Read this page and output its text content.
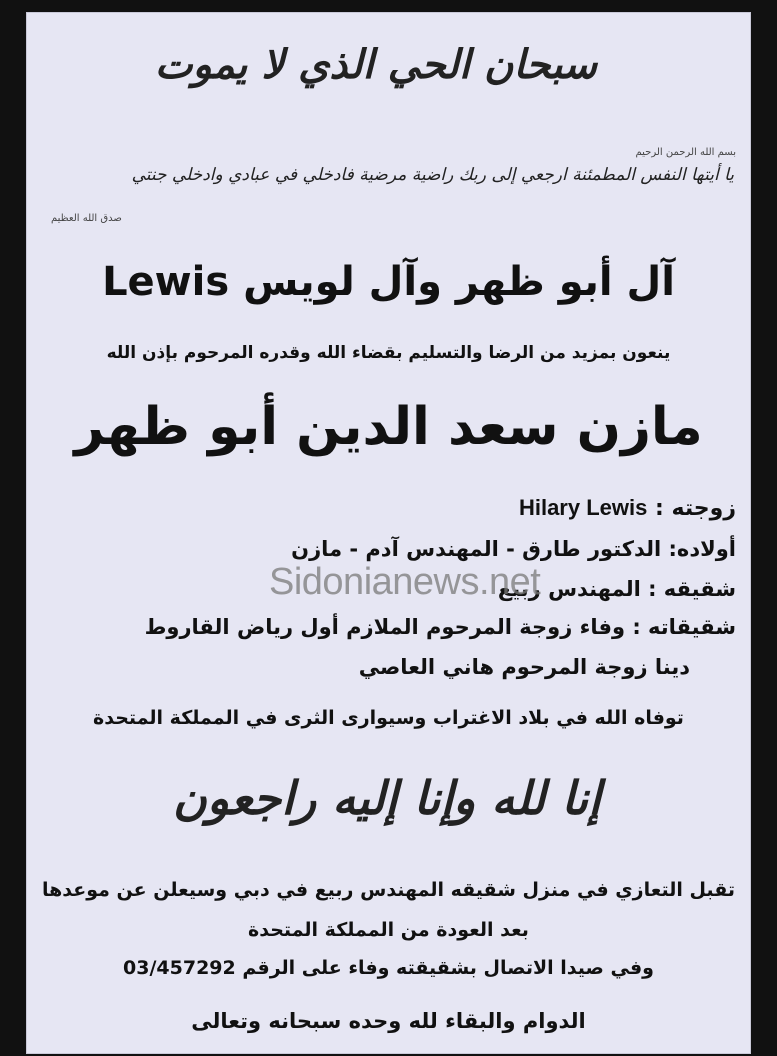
سبحان الحي الذي لا يموت
بسم الله الرحمن الرحيم
يا أيتها النفس المطمئنة ارجعي إلى ربك راضية مرضية فادخلي في عبادي وادخلي جنتي
صدق الله العظيم
آل أبو ظهر وآل لويس Lewis
ينعون بمزيد من الرضا والتسليم بقضاء الله وقدره المرحوم بإذن الله
مازن سعد الدين أبو ظهر
زوجته : Hilary Lewis
أولاده: الدكتور طارق - المهندس آدم - مازن
شقيقه : المهندس ربيع
شقيقاته : وفاء زوجة المرحوم الملازم أول رياض القاروط
دينا زوجة المرحوم هاني العاصي
توفاه الله في بلاد الاغتراب وسيوارى الثرى في المملكة المتحدة
إنا لله وإنا إليه راجعون
تقبل التعازي في منزل شقيقه المهندس ربيع في دبي وسيعلن عن موعدها
بعد العودة من المملكة المتحدة
وفي صيدا الاتصال بشقيقته وفاء على الرقم 03/457292
الدوام والبقاء لله وحده سبحانه وتعالى
Sidonianews.net
